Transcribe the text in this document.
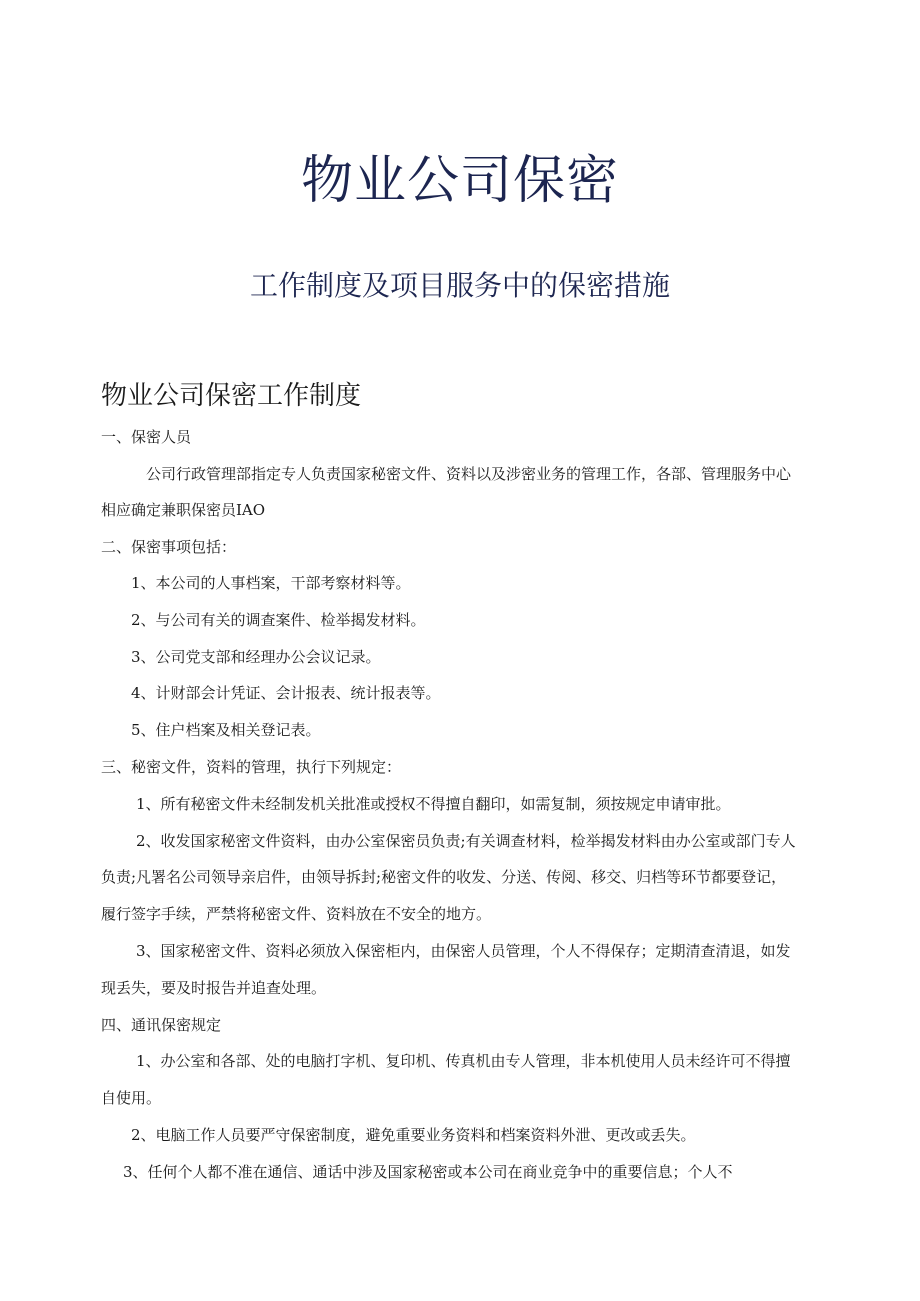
物业公司保密
工作制度及项目服务中的保密措施
物业公司保密工作制度
一、保密人员
公司行政管理部指定专人负责国家秘密文件、资料以及涉密业务的管理工作，各部、管理服务中心
相应确定兼职保密员IAO
二、保密事项包括：
1、本公司的人事档案，干部考察材料等。
2、与公司有关的调查案件、检举揭发材料。
3、公司党支部和经理办公会议记录。
4、计财部会计凭证、会计报表、统计报表等。
5、住户档案及相关登记表。
三、秘密文件，资料的管理，执行下列规定：
1、所有秘密文件未经制发机关批准或授权不得擅自翻印，如需复制，须按规定申请审批。
2、收发国家秘密文件资料，由办公室保密员负责;有关调查材料，检举揭发材料由办公室或部门专人
负责;凡署名公司领导亲启件，由领导拆封;秘密文件的收发、分送、传阅、移交、归档等环节都要登记，
履行签字手续，严禁将秘密文件、资料放在不安全的地方。
3、国家秘密文件、资料必须放入保密柜内，由保密人员管理，个人不得保存；定期清查清退，如发
现丢失，要及时报告并追查处理。
四、通讯保密规定
1、办公室和各部、处的电脑打字机、复印机、传真机由专人管理，非本机使用人员未经许可不得擅
自使用。
2、电脑工作人员要严守保密制度，避免重要业务资料和档案资料外泄、更改或丢失。
3、任何个人都不准在通信、通话中涉及国家秘密或本公司在商业竞争中的重要信息；个人不
